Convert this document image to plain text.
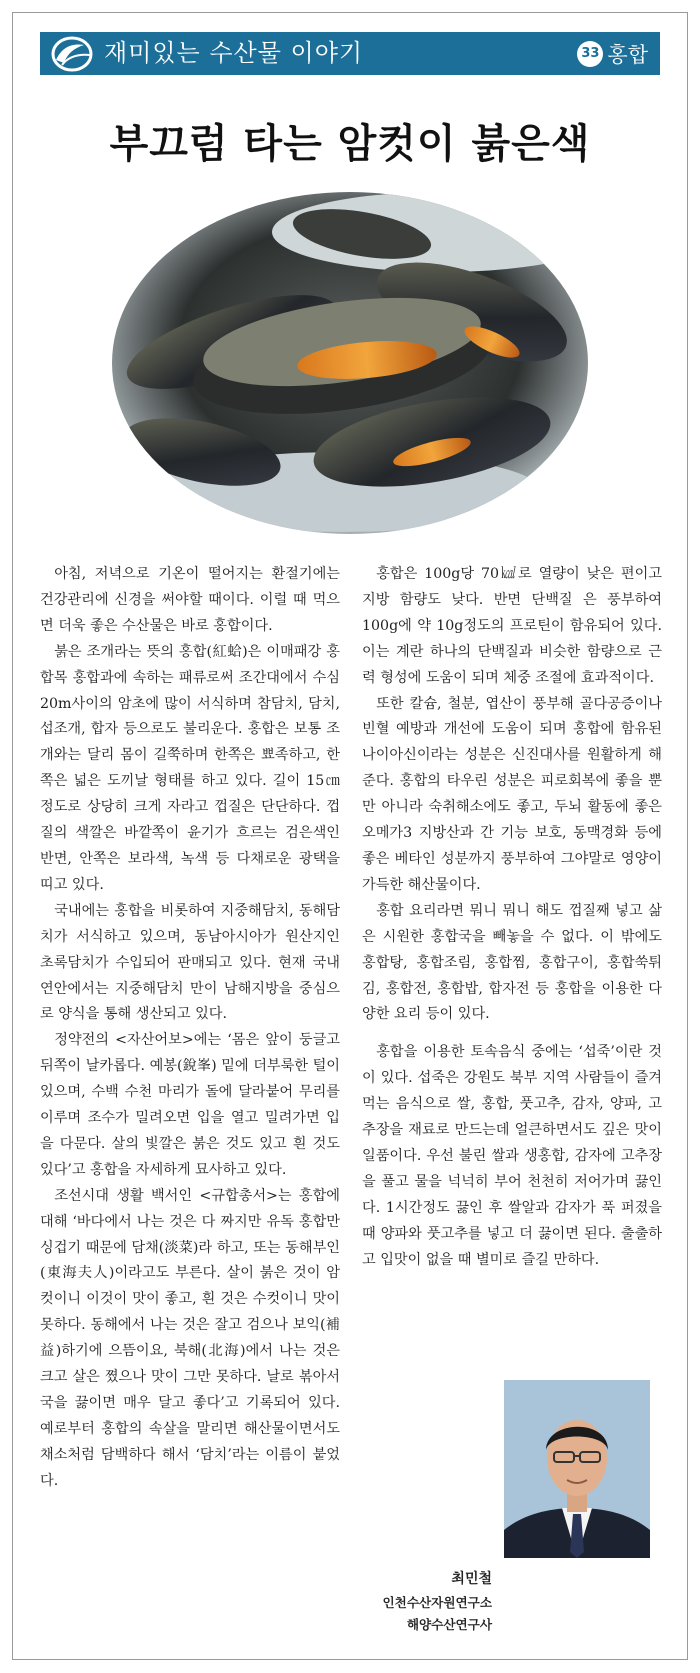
재미있는 수산물 이야기	33 홍합
부끄럼 타는 암컷이 붉은색

아침, 저녁으로 기온이 떨어지는 환절기에는 건강관리에 신경을 써야할 때이다. 이럴 때 먹으면 더욱 좋은 수산물은 바로 홍합이다.

붉은 조개라는 뜻의 홍합(紅蛤)은 이매패강 홍합목 홍합과에 속하는 패류로써 조간대에서 수심 20m사이의 암초에 많이 서식하며 참담치, 담치, 섭조개, 합자 등으로도 불리운다. 홍합은 보통 조개와는 달리 몸이 길쭉하며 한쪽은 뾰족하고, 한쪽은 넓은 도끼날 형태를 하고 있다. 길이 15㎝ 정도로 상당히 크게 자라고 껍질은 단단하다. 껍질의 색깔은 바깥쪽이 윤기가 흐르는 검은색인 반면, 안쪽은 보라색, 녹색 등 다채로운 광택을 띠고 있다.

국내에는 홍합을 비롯하여 지중해담치, 동해담치가 서식하고 있으며, 동남아시아가 원산지인 초록담치가 수입되어 판매되고 있다. 현재 국내 연안에서는 지중해담치 만이 남해지방을 중심으로 양식을 통해 생산되고 있다.

정약전의 <자산어보>에는 ‘몸은 앞이 둥글고 뒤쪽이 날카롭다. 예봉(銳峯) 밑에 더부룩한 털이 있으며, 수백 수천 마리가 돌에 달라붙어 무리를 이루며 조수가 밀려오면 입을 열고 밀려가면 입을 다문다. 살의 빛깔은 붉은 것도 있고 흰 것도 있다’고 홍합을 자세하게 묘사하고 있다.

조선시대 생활 백서인 <규합총서>는 홍합에 대해 ‘바다에서 나는 것은 다 짜지만 유독 홍합만 싱겁기 때문에 담채(淡菜)라 하고, 또는 동해부인(東海夫人)이라고도 부른다. 살이 붉은 것이 암컷이니 이것이 맛이 좋고, 흰 것은 수컷이니 맛이 못하다. 동해에서 나는 것은 잘고 검으나 보익(補益)하기에 으뜸이요, 북해(北海)에서 나는 것은 크고 살은 쪘으나 맛이 그만 못하다. 날로 볶아서 국을 끓이면 매우 달고 좋다’고 기록되어 있다. 예로부터 홍합의 속살을 말리면 해산물이면서도 채소처럼 담백하다 해서 ‘담치’라는 이름이 붙었다.

홍합은 100g당 70㎉로 열량이 낮은 편이고 지방 함량도 낮다. 반면 단백질 은 풍부하여 100g에 약 10g정도의 프로틴이 함유되어 있다. 이는 계란 하나의 단백질과 비슷한 함량으로 근력 형성에 도움이 되며 체중 조절에 효과적이다.

또한 칼슘, 철분, 엽산이 풍부해 골다공증이나 빈혈 예방과 개선에 도움이 되며 홍합에 함유된 나이아신이라는 성분은 신진대사를 원활하게 해준다. 홍합의 타우린 성분은 피로회복에 좋을 뿐만 아니라 숙취해소에도 좋고, 두뇌 활동에 좋은 오메가3 지방산과 간 기능 보호, 동맥경화 등에 좋은 베타인 성분까지 풍부하여 그야말로 영양이 가득한 해산물이다.

홍합 요리라면 뭐니 뭐니 해도 껍질째 넣고 삶은 시원한 홍합국을 빼놓을 수 없다. 이 밖에도 홍합탕, 홍합조림, 홍합찜, 홍합구이, 홍합쑥튀김, 홍합전, 홍합밥, 합자전 등 홍합을 이용한 다양한 요리 등이 있다.

홍합을 이용한 토속음식 중에는 ‘섭죽’이란 것이 있다. 섭죽은 강원도 북부 지역 사람들이 즐겨 먹는 음식으로 쌀, 홍합, 풋고추, 감자, 양파, 고추장을 재료로 만드는데 얼큰하면서도 깊은 맛이 일품이다. 우선 불린 쌀과 생홍합, 감자에 고추장을 풀고 물을 넉넉히 부어 천천히 저어가며 끓인다. 1시간정도 끓인 후 쌀알과 감자가 푹 퍼졌을 때 양파와 풋고추를 넣고 더 끓이면 된다. 출출하고 입맛이 없을 때 별미로 즐길 만하다.

최민철
인천수산자원연구소
해양수산연구사
